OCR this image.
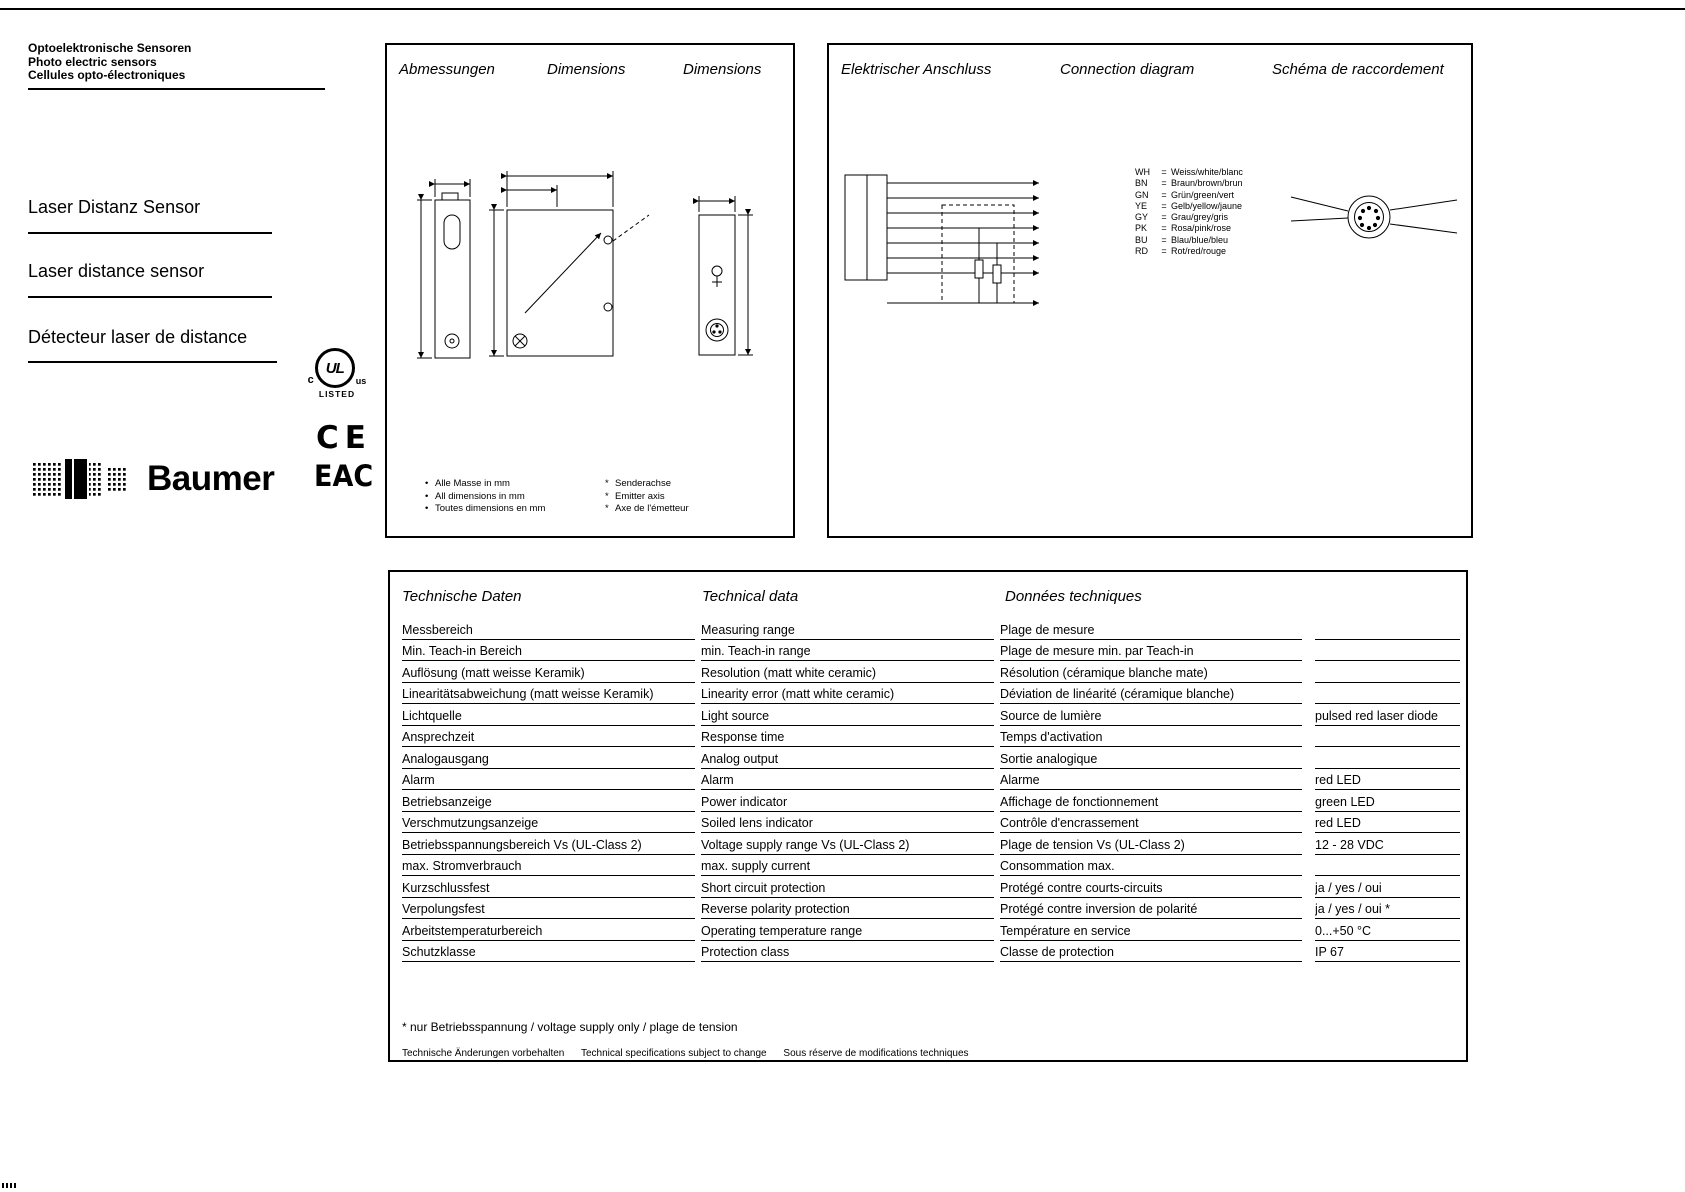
Optoelektronische Sensoren
Photo electric sensors
Cellules opto-électroniques
Laser Distanz Sensor
Laser distance sensor
Détecteur laser de distance
c
UL
us
LISTED
CE
EAC
Baumer
Abmessungen	Dimensions	Dimensions
• Alle Masse in mm
• All dimensions in mm
• Toutes dimensions en mm
* Senderachse
* Emitter axis
* Axe de l'émetteur
Elektrischer Anschluss	Connection diagram	Schéma de raccordement
WH	= Weiss/white/blanc
BN	= Braun/brown/brun
GN	= Grün/green/vert
YE	= Gelb/yellow/jaune
GY	= Grau/grey/gris
PK	= Rosa/pink/rose
BU	= Blau/blue/bleu
RD	= Rot/red/rouge
Technische Daten	Technical data	Données techniques
Messbereich	Measuring range	Plage de mesure
Min. Teach-in Bereich	min. Teach-in range	Plage de mesure min. par Teach-in
Auflösung (matt weisse Keramik)	Resolution (matt white ceramic)	Résolution (céramique blanche mate)
Linearitätsabweichung (matt weisse Keramik)	Linearity error (matt white ceramic)	Déviation de linéarité (céramique blanche)
Lichtquelle	Light source	Source de lumière	pulsed red laser diode
Ansprechzeit	Response time	Temps d'activation
Analogausgang	Analog output	Sortie analogique
Alarm	Alarm	Alarme	red LED
Betriebsanzeige	Power indicator	Affichage de fonctionnement	green LED
Verschmutzungsanzeige	Soiled lens indicator	Contrôle d'encrassement	red LED
Betriebsspannungsbereich Vs (UL-Class 2)	Voltage supply range Vs (UL-Class 2)	Plage de tension Vs (UL-Class 2)	12 - 28 VDC
max. Stromverbrauch	max. supply current	Consommation max.
Kurzschlussfest	Short circuit protection	Protégé contre courts-circuits	ja / yes / oui
Verpolungsfest	Reverse polarity protection	Protégé contre inversion de polarité	ja / yes / oui *
Arbeitstemperaturbereich	Operating temperature range	Température en service	0...+50 °C
Schutzklasse	Protection class	Classe de protection	IP 67
* nur Betriebsspannung / voltage supply only / plage de tension
Technische Änderungen vorbehalten Technical specifications subject to change Sous réserve de modifications techniques
